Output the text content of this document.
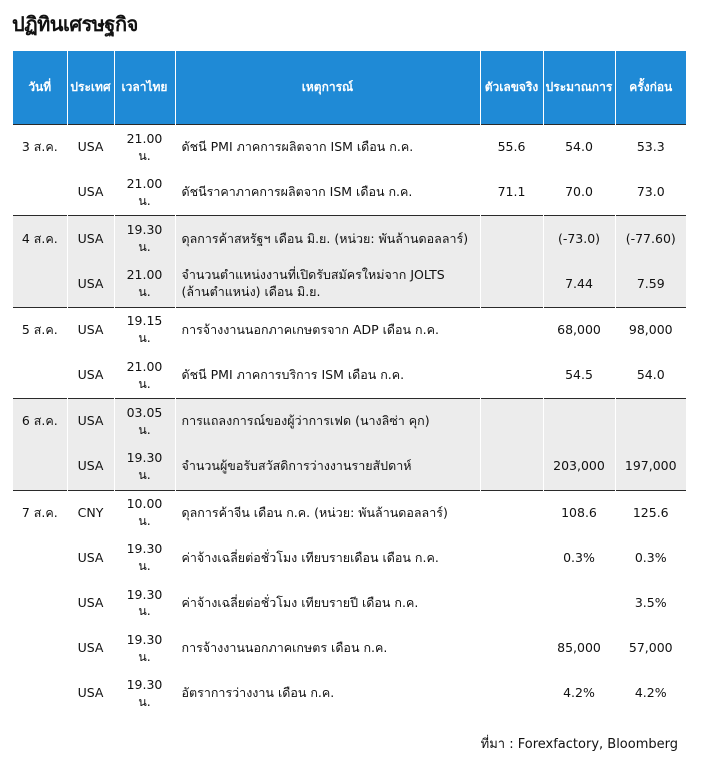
ปฏิทินเศรษฐกิจ
วันที่	ประเทศ	เวลาไทย	เหตุการณ์	ตัวเลขจริง	ประมาณการ	ครั้งก่อน
3 ส.ค.	USA	21.00 น.	ดัชนี PMI ภาคการผลิตจาก ISM เดือน ก.ค.	55.6	54.0	53.3
	USA	21.00 น.	ดัชนีราคาภาคการผลิตจาก ISM เดือน ก.ค.	71.1	70.0	73.0
4 ส.ค.	USA	19.30 น.	ดุลการค้าสหรัฐฯ เดือน มิ.ย. (หน่วย: พันล้านดอลลาร์)		(-73.0)	(-77.60)
	USA	21.00 น.	จำนวนตำแหน่งงานที่เปิดรับสมัครใหม่จาก JOLTS (ล้านตำแหน่ง) เดือน มิ.ย.		7.44	7.59
5 ส.ค.	USA	19.15 น.	การจ้างงานนอกภาคเกษตรจาก ADP เดือน ก.ค.		68,000	98,000
	USA	21.00 น.	ดัชนี PMI ภาคการบริการ ISM เดือน ก.ค.		54.5	54.0
6 ส.ค.	USA	03.05 น.	การแถลงการณ์ของผู้ว่าการเฟด (นางลิซ่า คุก)			
	USA	19.30 น.	จำนวนผู้ขอรับสวัสดิการว่างงานรายสัปดาห์		203,000	197,000
7 ส.ค.	CNY	10.00 น.	ดุลการค้าจีน เดือน ก.ค. (หน่วย: พันล้านดอลลาร์)		108.6	125.6
	USA	19.30 น.	ค่าจ้างเฉลี่ยต่อชั่วโมง เทียบรายเดือน เดือน ก.ค.		0.3%	0.3%
	USA	19.30 น.	ค่าจ้างเฉลี่ยต่อชั่วโมง เทียบรายปี เดือน ก.ค.			3.5%
	USA	19.30 น.	การจ้างงานนอกภาคเกษตร เดือน ก.ค.		85,000	57,000
	USA	19.30 น.	อัตราการว่างงาน เดือน ก.ค.		4.2%	4.2%
ที่มา : Forexfactory, Bloomberg
